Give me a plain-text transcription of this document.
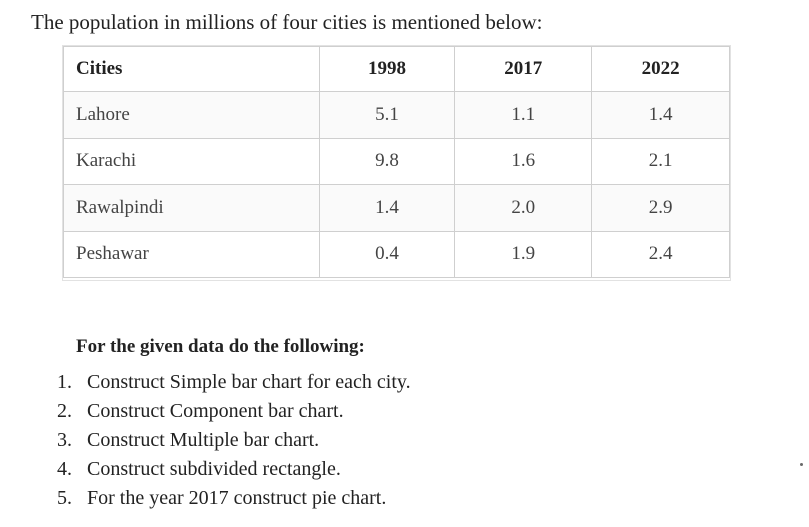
The population in millions of four cities is mentioned below:
Cities	1998	2017	2022
Lahore	5.1	1.1	1.4
Karachi	9.8	1.6	2.1
Rawalpindi	1.4	2.0	2.9
Peshawar	0.4	1.9	2.4
For the given data do the following:
1. Construct Simple bar chart for each city.
2. Construct Component bar chart.
3. Construct Multiple bar chart.
4. Construct subdivided rectangle.
5. For the year 2017 construct pie chart.
